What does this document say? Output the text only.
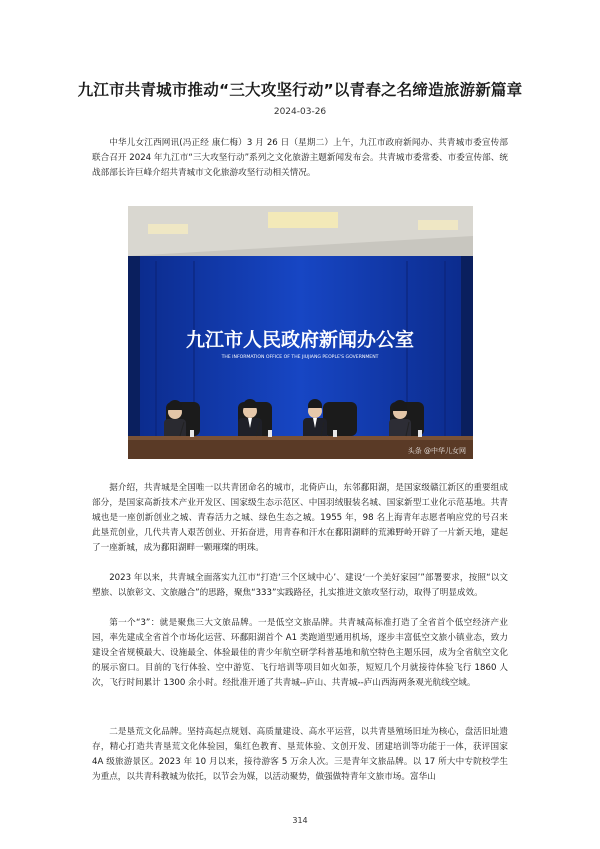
九江市共青城市推动“三大攻坚行动”以青春之名缔造旅游新篇章
2024-03-26

中华儿女江西网讯(冯正经 康仁梅）3 月 26 日（星期二）上午，九江市政府新闻办、共青城市委宣传部联合召开 2024 年九江市“三大攻坚行动”系列之文化旅游主题新闻发布会。共青城市委常委、市委宣传部、统战部部长许巨峰介绍共青城市文化旅游攻坚行动相关情况。

九江市人民政府新闻办公室
THE INFORMATION OFFICE OF THE JIUJIANG PEOPLE'S GOVERNMENT
头条 @中华儿女网

据介绍，共青城是全国唯一以共青团命名的城市，北倚庐山，东邻鄱阳湖，是国家级赣江新区的重要组成部分，是国家高新技术产业开发区、国家级生态示范区、中国羽绒服装名城、国家新型工业化示范基地。共青城也是一座创新创业之城、青春活力之城、绿色生态之城。1955 年，98 名上海青年志愿者响应党的号召来此垦荒创业，几代共青人艰苦创业、开拓奋进，用青春和汗水在鄱阳湖畔的荒滩野岭开辟了一片新天地，建起了一座新城，成为鄱阳湖畔一颗璀璨的明珠。

2023 年以来，共青城全面落实九江市“打造‘三个区域中心’、建设‘一个美好家园’”部署要求，按照“以文塑旅、以旅彰文、文旅融合”的思路，聚焦“333”实践路径，扎实推进文旅攻坚行动，取得了明显成效。

第一个“3”：就是聚焦三大文旅品牌。一是低空文旅品牌。共青城高标准打造了全省首个低空经济产业园，率先建成全省首个市场化运营、环鄱阳湖首个 A1 类跑道型通用机场，逐步丰富低空文旅小镇业态，致力建设全省规模最大、设施最全、体验最佳的青少年航空研学科普基地和航空特色主题乐园，成为全省航空文化的展示窗口。目前的飞行体验、空中游览、飞行培训等项目如火如荼，短短几个月就接待体验飞行 1860 人次，飞行时间累计 1300 余小时。经批准开通了共青城--庐山、共青城--庐山西海两条观光航线空域。

二是垦荒文化品牌。坚持高起点规划、高质量建设、高水平运营，以共青垦殖场旧址为核心，盘活旧址遗存，精心打造共青垦荒文化体验园，集红色教育、垦荒体验、文创开发、团建培训等功能于一体，获评国家 4A 级旅游景区。2023 年 10 月以来，接待游客 5 万余人次。三是青年文旅品牌。以 17 所大中专院校学生为重点，以共青科教城为依托，以节会为媒，以活动聚势，做强做特青年文旅市场。富华山

314
